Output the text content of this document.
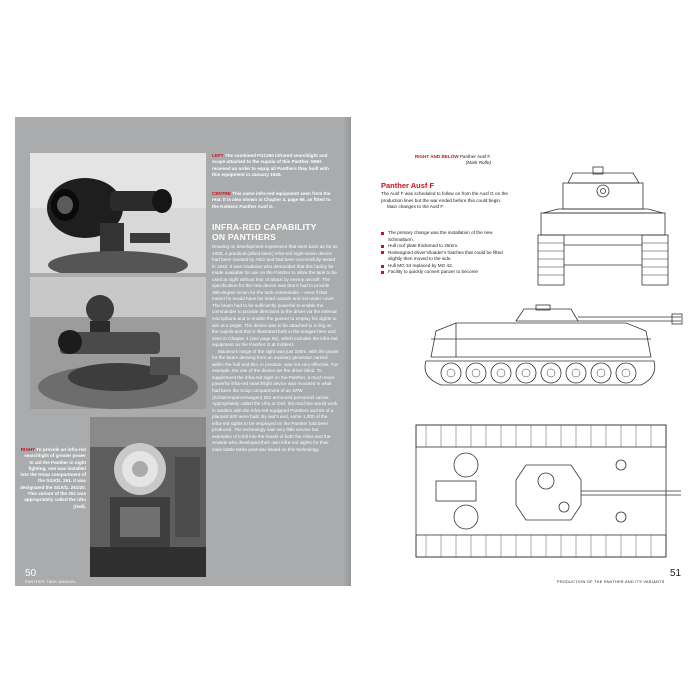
LEFT The combined FG1250 infrared searchlight and scope attached to the cupola of this Panther. MNH received an order to equip all Panthers they built with this equipment in January 1945.
CENTRE This same infra-red equipment seen from the rear. It is also shown in Chapter 4, page 96, as fitted to the Koblenz Panther Ausf G.
INFRA-RED CAPABILITY ON PANTHERS

Drawing on development experience that went back as far as 1936, a practical (albeit basic) infra-red night-vision device had been created by AEG and had been successfully tested in 1942. It was Guderian who demanded that this facility be made available for use on the Panther to allow the tank to be used at night without fear of attack by enemy aircraft. The specification for the new device was that it had to provide 360-degree vision for the tank commander – even if that meant he would have his head outside and not under cover. The beam had to be sufficiently powerful to enable the commander to provide directions to the driver via the internal microphone and to enable the gunner to employ his sights to aim at a target. The device was to be attached to a ring on the cupola and this is illustrated both in the images here and seen in Chapter 4 (see page 95), which includes the infra-red equipment on the Panther G at Koblenz.

Maximum range of the sight was just 100m, with the power for the beam deriving from an auxiliary generator carried within the hull and this, in practice, was not very effective. For example, the use of the device set the driver blind. To supplement the infra-red sight on the Panther, a much more powerful infra-red searchlight device was mounted in what had been the troop compartment of an SPW (Schützenpanzerwagen) 251 armoured personnel carrier. Appropriately called the Uhu or Owl, the machine would work in tandem with the infra-red-equipped Panthers and 60 of a planned 600 were built. By war's end, some 1,000 of the infra-red sights to be employed on the Panther had been produced. The technology saw very little service but examples of it fell into the hands of both the Allies and the Soviets who developed their own infra-red sights for their main battle tanks post-war based on this technology.

RIGHT To provide an infra-red searchlight of greater power to aid the Panther in night fighting, one was installed into the troop compartment of the Sd.Kfz. 251. It was designated the Sd.Kfz. 251/20. This variant of the 251 was appropriately called the Uhu (Owl).
50
PANTHER TANK MANUAL
RIGHT AND BELOW Panther Ausf F.
(Mark Rolfe)
Panther Ausf F

The Ausf F was scheduled to follow on from the Ausf G on the production lines but the war ended before this could begin.

Main changes to the Ausf F:

The primary change was the installation of the new Schmalturm.
Hull roof plate thickened to 25mm.
Redesigned driver's/loader's hatches that could be lifted slightly then moved to the side.
Hull MG 34 replaced by MG 42.
Facility to quickly convert panzer to become
51
PRODUCTION OF THE PANTHER AND ITS VARIANTS
